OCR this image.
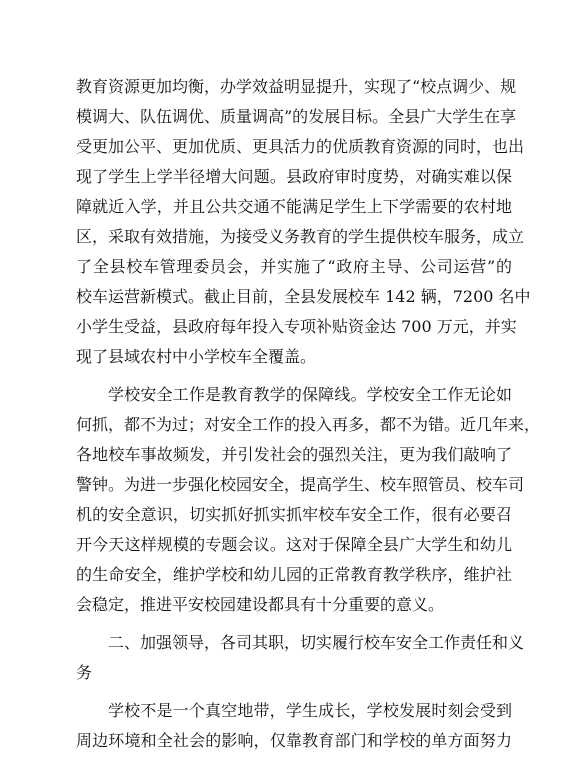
教育资源更加均衡，办学效益明显提升，实现了“校点调少、规
模调大、队伍调优、质量调高”的发展目标。全县广大学生在享
受更加公平、更加优质、更具活力的优质教育资源的同时，也出
现了学生上学半径增大问题。县政府审时度势，对确实难以保
障就近入学，并且公共交通不能满足学生上下学需要的农村地
区，采取有效措施，为接受义务教育的学生提供校车服务，成立
了全县校车管理委员会，并实施了“政府主导、公司运营”的
校车运营新模式。截止目前，全县发展校车 142 辆，7200 名中
小学生受益，县政府每年投入专项补贴资金达 700 万元，并实
现了县域农村中小学校车全覆盖。
学校安全工作是教育教学的保障线。学校安全工作无论如
何抓，都不为过；对安全工作的投入再多，都不为错。近几年来，
各地校车事故频发，并引发社会的强烈关注，更为我们敲响了
警钟。为进一步强化校园安全，提高学生、校车照管员、校车司
机的安全意识，切实抓好抓实抓牢校车安全工作，很有必要召
开今天这样规模的专题会议。这对于保障全县广大学生和幼儿
的生命安全，维护学校和幼儿园的正常教育教学秩序，维护社
会稳定，推进平安校园建设都具有十分重要的意义。
二、加强领导，各司其职，切实履行校车安全工作责任和义
务
学校不是一个真空地带，学生成长，学校发展时刻会受到
周边环境和全社会的影响，仅靠教育部门和学校的单方面努力
